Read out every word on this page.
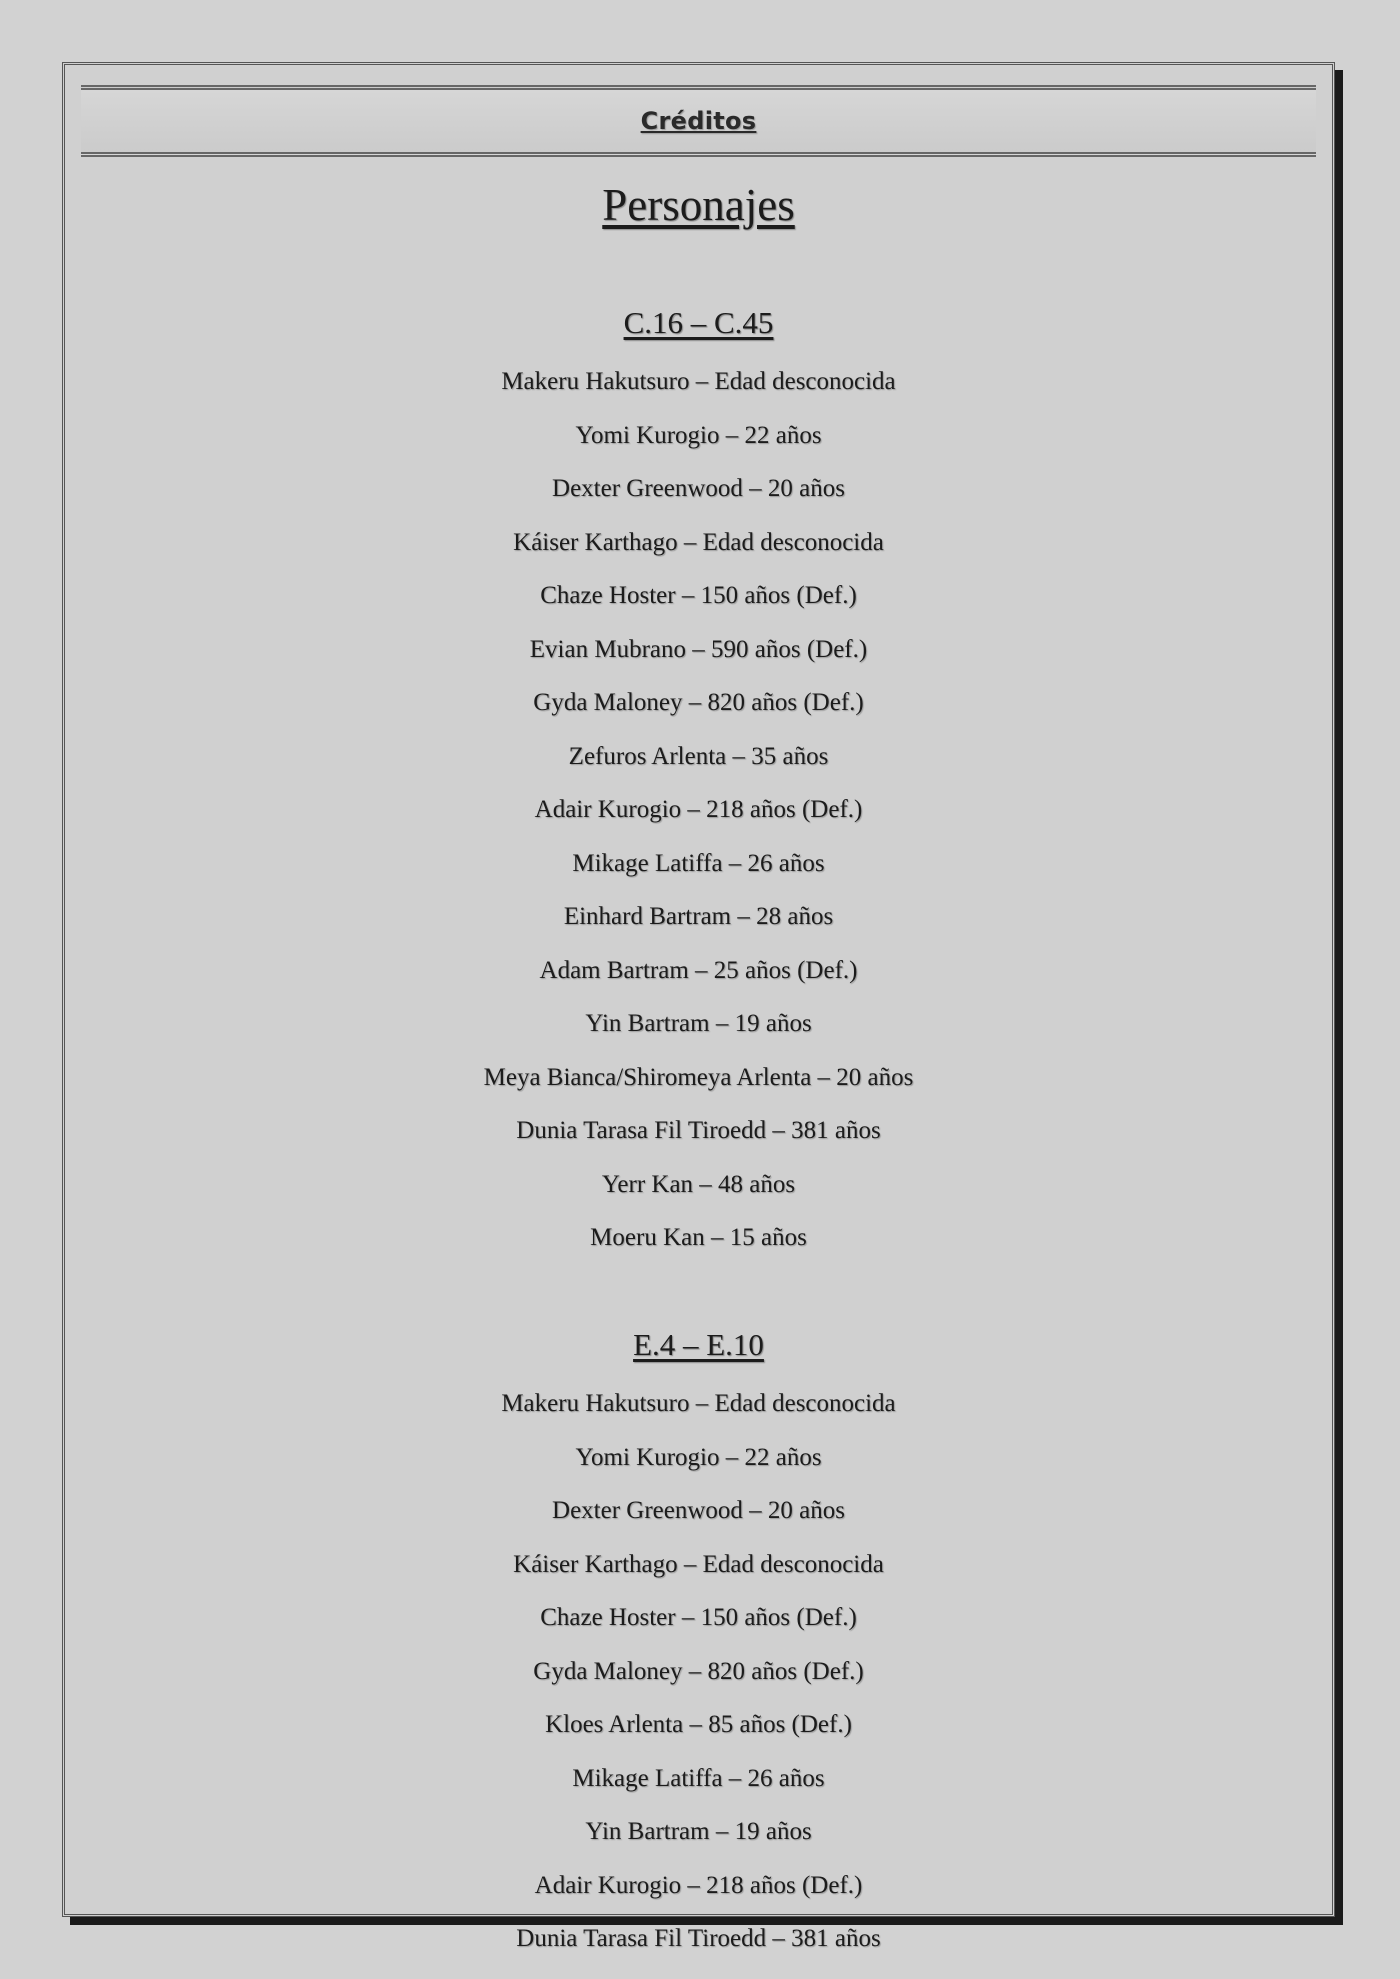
Créditos
Personajes
C.16 – C.45
Makeru Hakutsuro – Edad desconocida
Yomi Kurogio – 22 años
Dexter Greenwood – 20 años
Káiser Karthago – Edad desconocida
Chaze Hoster – 150 años (Def.)
Evian Mubrano – 590 años (Def.)
Gyda Maloney – 820 años (Def.)
Zefuros Arlenta – 35 años
Adair Kurogio – 218 años (Def.)
Mikage Latiffa – 26 años
Einhard Bartram – 28 años
Adam Bartram – 25 años (Def.)
Yin Bartram – 19 años
Meya Bianca/Shiromeya Arlenta – 20 años
Dunia Tarasa Fil Tiroedd – 381 años
Yerr Kan – 48 años
Moeru Kan – 15 años
E.4 – E.10
Makeru Hakutsuro – Edad desconocida
Yomi Kurogio – 22 años
Dexter Greenwood – 20 años
Káiser Karthago – Edad desconocida
Chaze Hoster – 150 años (Def.)
Gyda Maloney – 820 años (Def.)
Kloes Arlenta – 85 años (Def.)
Mikage Latiffa – 26 años
Yin Bartram – 19 años
Adair Kurogio – 218 años (Def.)
Dunia Tarasa Fil Tiroedd – 381 años
